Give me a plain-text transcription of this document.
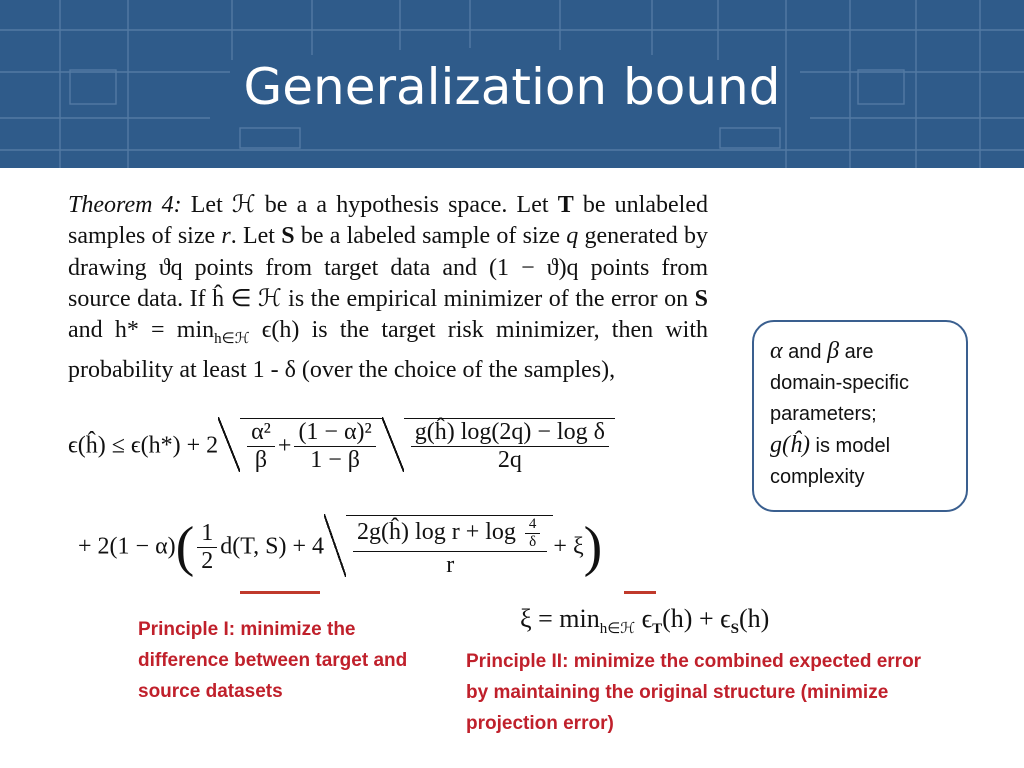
Generalization bound
Theorem 4: Let ℋ be a a hypothesis space. Let T be unlabeled samples of size r. Let S be a labeled sample of size q generated by drawing ϑq points from target data and (1 − ϑ)q points from source data. If ĥ ∈ ℋ is the empirical minimizer of the error on S and $h* = \min_{h\in ℋ} \epsilon(h)$ is the target risk minimizer, then with probability at least 1 - δ (over the choice of the samples),
ϵ(ĥ) ≤ $\epsilon(h*) + 2 \frac{\text{α²}}{\beta} + \frac{\text{(1 − α)²}}{1 - \beta} \frac{\text{g(ĥ) log(2q) − log δ}}{2q}$
+ $2(1 - \alpha)( \frac{1}{2} d(T$, $S) + 4 \frac{2g(ĥ) \log r + \log \frac{4}{\delta}}{r} + \xi$)
$\xi = \min_{h\in ℋ} \epsilon_T(h) + \epsilon_S(h)$
α and β are
domain-specific
parameters;
g(ĥ) is model
complexity
Principle I: minimize the difference between target and source datasets
Principle II: minimize the combined expected error by maintaining the original structure (minimize projection error)
